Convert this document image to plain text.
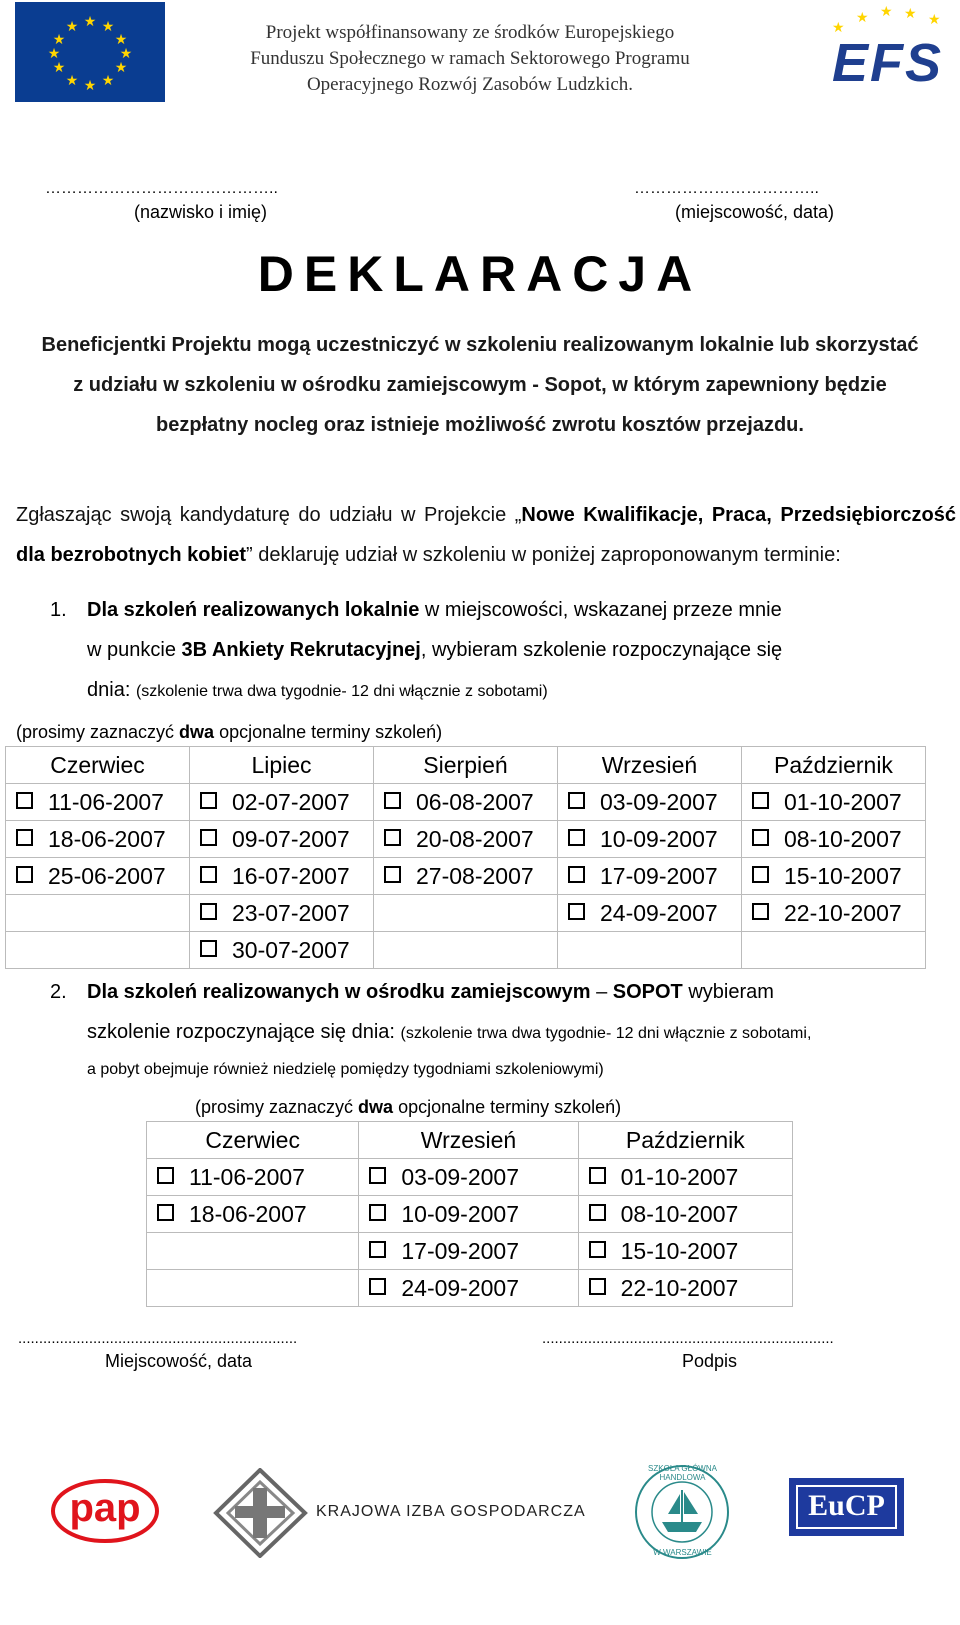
★ ★
★
★
★
★
★
★
★
★
★
★	Projekt współfinansowany ze środków Europejskiego
Funduszu Społecznego w ramach Sektorowego Programu
Operacyjnego Rozwój Zasobów Ludzkich.
★
★ ★ ★ ★
EFS
……………………………………..
(nazwisko i imię)
……………………………..
(miejscowość, data)
DEKLARACJA
Beneficjentki Projektu mogą uczestniczyć w szkoleniu realizowanym lokalnie lub skorzystać z udziału w szkoleniu w ośrodku zamiejscowym - Sopot, w którym zapewniony będzie bezpłatny nocleg oraz istnieje możliwość zwrotu kosztów przejazdu.
Zgłaszając swoją kandydaturę do udziału w Projekcie „Nowe Kwalifikacje, Praca, Przedsiębiorczość dla bezrobotnych kobiet” deklaruję udział w szkoleniu w poniżej zaproponowanym terminie:
1. Dla szkoleń realizowanych lokalnie w miejscowości, wskazanej przeze mnie
w punkcie 3B Ankiety Rekrutacyjnej, wybieram szkolenie rozpoczynające się
dnia: (szkolenie trwa dwa tygodnie- 12 dni włącznie z sobotami)
(prosimy zaznaczyć dwa opcjonalne terminy szkoleń)
Czerwiec	Lipiec	Sierpień	Wrzesień	Październik
11-06-2007	02-07-2007	06-08-2007	03-09-2007	01-10-2007
18-06-2007	09-07-2007	20-08-2007	10-09-2007	08-10-2007
25-06-2007	16-07-2007	27-08-2007	17-09-2007	15-10-2007
	23-07-2007		24-09-2007	22-10-2007
	30-07-2007			
2. Dla szkoleń realizowanych w ośrodku zamiejscowym – SOPOT wybieram
szkolenie rozpoczynające się dnia: (szkolenie trwa dwa tygodnie- 12 dni włącznie z sobotami,
a pobyt obejmuje również niedzielę pomiędzy tygodniami szkoleniowymi)
(prosimy zaznaczyć dwa opcjonalne terminy szkoleń)
Czerwiec	Wrzesień	Październik
11-06-2007	03-09-2007	01-10-2007
18-06-2007	10-09-2007	08-10-2007
	17-09-2007	15-10-2007
	24-09-2007	22-10-2007
...................................................................
Miejscowość, data
......................................................................
Podpis
pap	KRAJOWA IZBA GOSPODARCZA
SZKOŁA GŁÓWNA HANDLOWA
W WARSZAWIE
EuCP
